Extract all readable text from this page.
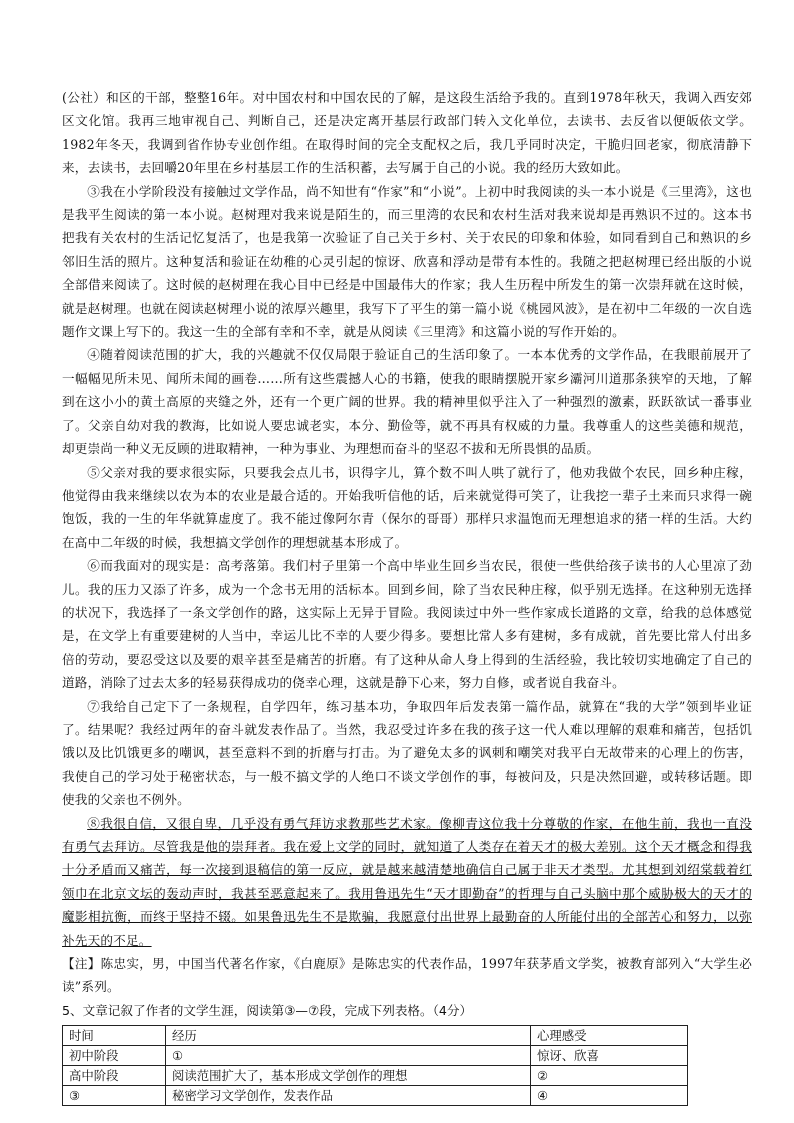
(公社）和区的干部，整整16年。对中国农村和中国农民的了解，是这段生活给予我的。直到1978年秋天，我调入西安郊区文化馆。我再三地审视自己、判断自己，还是决定离开基层行政部门转入文化单位，去读书、去反省以便皈依文学。1982年冬天，我调到省作协专业创作组。在取得时间的完全支配权之后，我几乎同时决定，干脆归回老家，彻底清静下来，去读书，去回嚼20年里在乡村基层工作的生活积蓄，去写属于自己的小说。我的经历大致如此。

③我在小学阶段没有接触过文学作品，尚不知世有“作家”和“小说”。上初中时我阅读的头一本小说是《三里湾》，这也是我平生阅读的第一本小说。赵树理对我来说是陌生的，而三里湾的农民和农村生活对我来说却是再熟识不过的。这本书把我有关农村的生活记忆复活了，也是我第一次验证了自己关于乡村、关于农民的印象和体验，如同看到自己和熟识的乡邻旧生活的照片。这种复活和验证在幼稚的心灵引起的惊讶、欣喜和浮动是带有本性的。我随之把赵树理已经出版的小说全部借来阅读了。这时候的赵树理在我心目中已经是中国最伟大的作家；我人生历程中所发生的第一次崇拜就在这时候，就是赵树理。也就在阅读赵树理小说的浓厚兴趣里，我写下了平生的第一篇小说《桃园风波》，是在初中二年级的一次自选题作文课上写下的。我这一生的全部有幸和不幸，就是从阅读《三里湾》和这篇小说的写作开始的。

④随着阅读范围的扩大，我的兴趣就不仅仅局限于验证自己的生活印象了。一本本优秀的文学作品，在我眼前展开了一幅幅见所未见、闻所未闻的画卷……所有这些震撼人心的书籍，使我的眼睛摆脱开家乡灞河川道那条狭窄的天地，了解到在这小小的黄土高原的夹缝之外，还有一个更广阔的世界。我的精神里似乎注入了一种强烈的激素，跃跃欲试一番事业了。父亲自幼对我的教海，比如说人要忠诚老实，本分、勤俭等，就不再具有权威的力量。我尊重人的这些美德和规范，却更崇尚一种义无反顾的进取精神，一种为事业、为理想而奋斗的坚忍不拔和无所畏惧的品质。

⑤父亲对我的要求很实际，只要我会点儿书，识得字儿，算个数不叫人哄了就行了，他劝我做个农民，回乡种庄稼，他觉得由我来继续以农为本的农业是最合适的。开始我听信他的话，后来就觉得可笑了，让我挖一辈子土来而只求得一碗饱饭，我的一生的年华就算虚度了。我不能过像阿尔青（保尔的哥哥）那样只求温饱而无理想追求的猪一样的生活。大约在高中二年级的时候，我想搞文学创作的理想就基本形成了。

⑥而我面对的现实是：高考落第。我们村子里第一个高中毕业生回乡当农民，很使一些供给孩子读书的人心里凉了劲儿。我的压力又添了许多，成为一个念书无用的活标本。回到乡间，除了当农民种庄稼，似乎别无选择。在这种别无选择的状况下，我选择了一条文学创作的路，这实际上无异于冒险。我阅读过中外一些作家成长道路的文章，给我的总体感觉是，在文学上有重要建树的人当中，幸运儿比不幸的人要少得多。要想比常人多有建树，多有成就，首先要比常人付出多倍的劳动，要忍受这以及要的艰辛甚至是痛苦的折磨。有了这种从命人身上得到的生活经验，我比较切实地确定了自己的道路，消除了过去太多的轻易获得成功的侥幸心理，这就是静下心来，努力自修，或者说自我奋斗。

⑦我给自己定下了一条规程，自学四年，练习基本功，争取四年后发表第一篇作品，就算在“我的大学”领到毕业证了。结果呢？我经过两年的奋斗就发表作品了。当然，我忍受过许多在我的孩子这一代人难以理解的艰难和痛苦，包括饥饿以及比饥饿更多的嘲讽，甚至意料不到的折磨与打击。为了避免太多的讽刺和嘲笑对我平白无故带来的心理上的伤害，我使自己的学习处于秘密状态，与一般不搞文学的人绝口不谈文学创作的事，每被问及，只是决然回避，或转移话题。即使我的父亲也不例外。

⑧我很自信，又很自卑，几乎没有勇气拜访求教那些艺术家。像柳青这位我十分尊敬的作家，在他生前，我也一直没有勇气去拜访。尽管我是他的崇拜者。我在爱上文学的同时，就知道了人类存在着天才的极大差别。这个天才概念和得我十分矛盾而又痛苦，每一次接到退稿信的第一反应，就是越来越清楚地确信自己属于非天才类型。尤其想到刘绍棠载着红领巾在北京文坛的轰动声时，我甚至恶意起来了。我用鲁迅先生“天才即勤奋”的哲理与自己头脑中那个威胁极大的天才的魔影相抗衡，而终于坚持不辍。如果鲁迅先生不是欺骗，我愿意付出世界上最勤奋的人所能付出的全部苦心和努力，以弥补先天的不足。

【注】陈忠实，男，中国当代著名作家，《白鹿原》是陈忠实的代表作品，1997年获茅盾文学奖，被教育部列入“大学生必读”系列。

5、文章记叙了作者的文学生涯，阅读第③—⑦段，完成下列表格。（4分）

时间	经历	心理感受
初中阶段	①	惊讶、欣喜
高中阶段	阅读范围扩大了，基本形成文学创作的理想	②
③	秘密学习文学创作，发表作品	④
